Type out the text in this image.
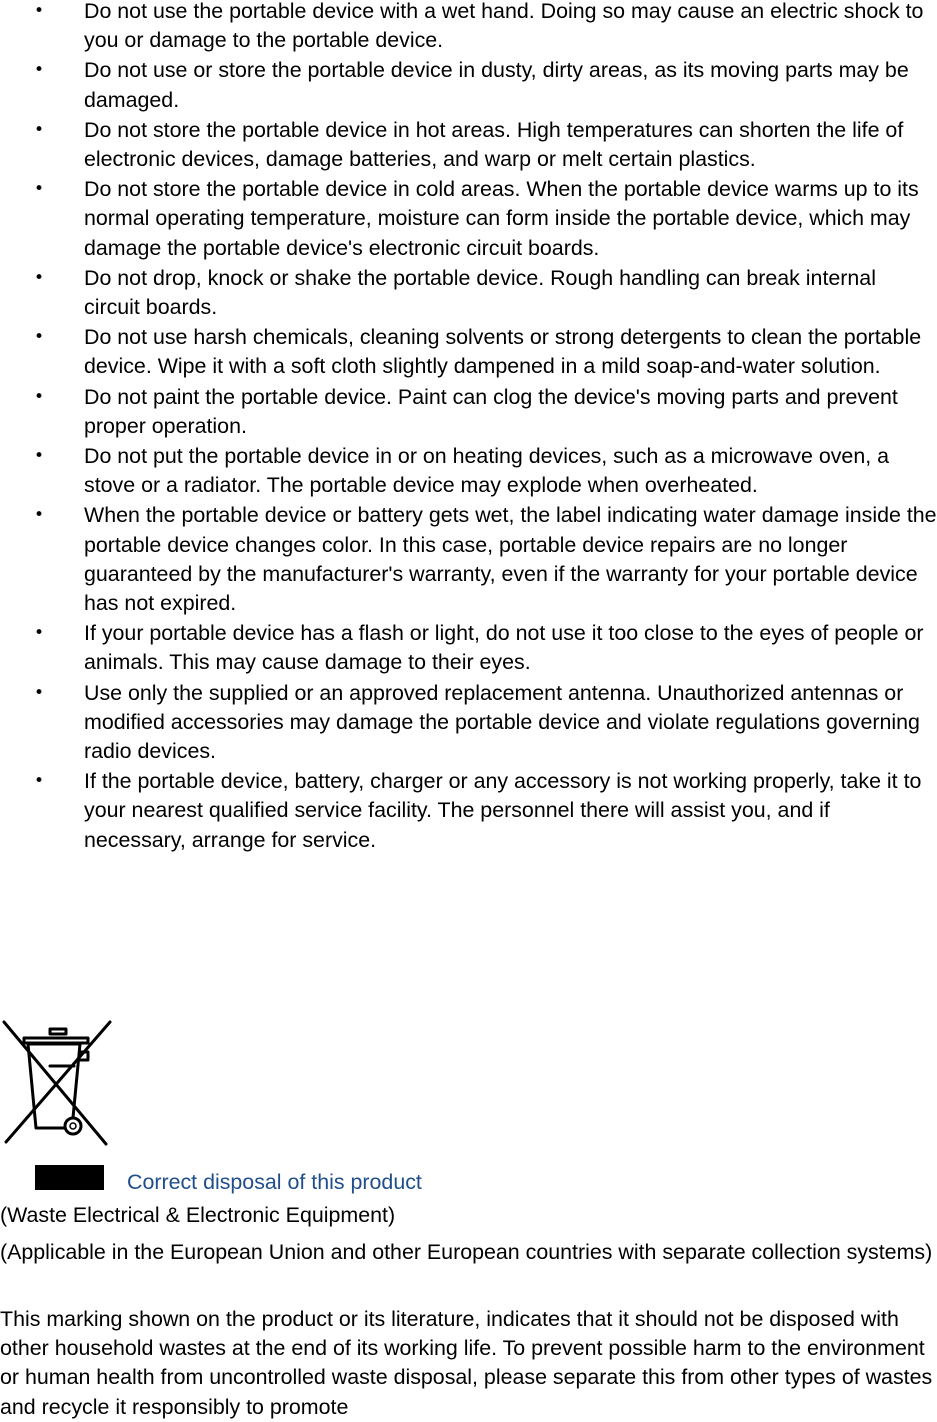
•	Do not use the portable device with a wet hand. Doing so may cause an electric shock to you or damage to the portable device.
•	Do not use or store the portable device in dusty, dirty areas, as its moving parts may be damaged.
•	Do not store the portable device in hot areas. High temperatures can shorten the life of electronic devices, damage batteries, and warp or melt certain plastics.
•	Do not store the portable device in cold areas. When the portable device warms up to its normal operating temperature, moisture can form inside the portable device, which may damage the portable device's electronic circuit boards.
•	Do not drop, knock or shake the portable device. Rough handling can break internal circuit boards.
•	Do not use harsh chemicals, cleaning solvents or strong detergents to clean the portable device. Wipe it with a soft cloth slightly dampened in a mild soap-and-water solution.
•	Do not paint the portable device. Paint can clog the device's moving parts and prevent proper operation.
•	Do not put the portable device in or on heating devices, such as a microwave oven, a stove or a radiator. The portable device may explode when overheated.
•	When the portable device or battery gets wet, the label indicating water damage inside the portable device changes color. In this case, portable device repairs are no longer guaranteed by the manufacturer's warranty, even if the warranty for your portable device has not expired.
•	If your portable device has a flash or light, do not use it too close to the eyes of people or animals. This may cause damage to their eyes.
•	Use only the supplied or an approved replacement antenna. Unauthorized antennas or modified accessories may damage the portable device and violate regulations governing radio devices.
•	If the portable device, battery, charger or any accessory is not working properly, take it to your nearest qualified service facility. The personnel there will assist you, and if necessary, arrange for service.
Correct disposal of this product

(Waste Electrical & Electronic Equipment)

(Applicable in the European Union and other European countries with separate collection systems)

This marking shown on the product or its literature, indicates that it should not be disposed with other household wastes at the end of its working life. To prevent possible harm to the environment or human health from uncontrolled waste disposal, please separate this from other types of wastes and recycle it responsibly to promote
